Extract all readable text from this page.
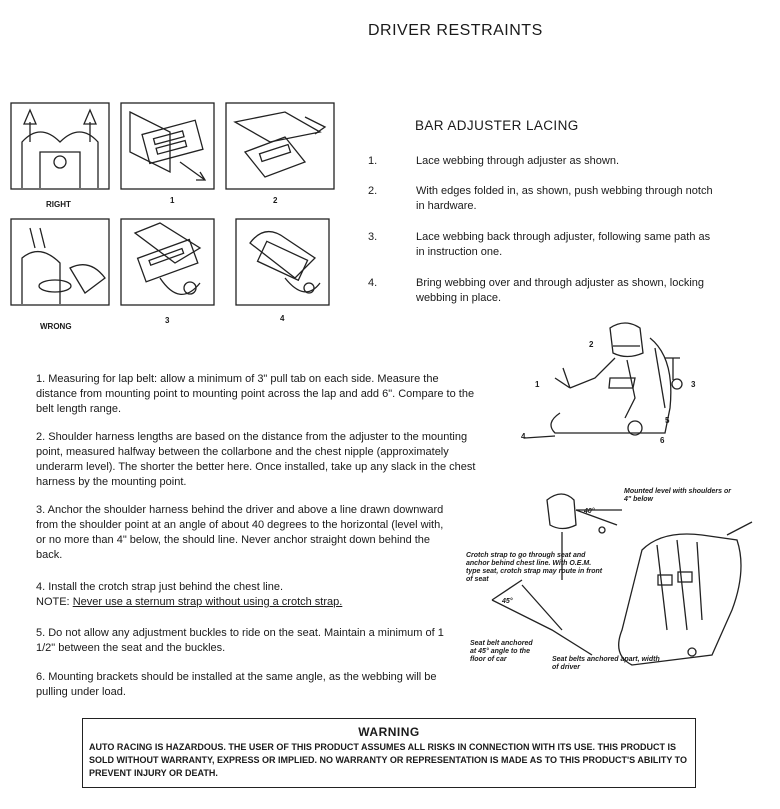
DRIVER RESTRAINTS
RIGHT	1	2
WRONG
3	4
BAR ADJUSTER LACING
1.	Lace webbing through adjuster as shown.
2.	With edges folded in, as shown, push webbing through notch in hardware.
3.	Lace webbing back through adjuster, following same path as in instruction one.
4.	Bring webbing over and through adjuster as shown, locking webbing in place.
2
1	3
5
6
4
Mounted level with shoulders or 4" below
Crotch strap to go through seat and anchor behind chest line. With O.E.M. type seat, crotch strap may route in front of seat
40°
45°
Seat belt anchored at 45° angle to the floor of car	Seat belts anchored apart, width of driver

1. Measuring for lap belt: allow a minimum of 3" pull tab on each side. Measure the distance from mounting point to mounting point across the lap and add 6". Compare to the belt length range.

2. Shoulder harness lengths are based on the distance from the adjuster to the mounting point, measured halfway between the collarbone and the chest nipple (approximately underarm level). The shorter the better here. Once installed, take up any slack in the chest harness by the mounting point.

3. Anchor the shoulder harness behind the driver and above a line drawn downward from the shoulder point at an angle of about 40 degrees to the horizontal (level with, or no more than 4" below, the should line. Never anchor straight down behind the back.

4. Install the crotch strap just behind the chest line.

NOTE: Never use a sternum strap without using a crotch strap.

5. Do not allow any adjustment buckles to ride on the seat. Maintain a minimum of 1 1/2" between the seat and the buckles.

6. Mounting brackets should be installed at the same angle, as the webbing will be pulling under load.

WARNING
AUTO RACING IS HAZARDOUS. THE USER OF THIS PRODUCT ASSUMES ALL RISKS IN CONNECTION WITH ITS USE. THIS PRODUCT IS SOLD WITHOUT WARRANTY, EXPRESS OR IMPLIED. NO WARRANTY OR REPRESENTATION IS MADE AS TO THIS PRODUCT'S ABILITY TO PREVENT INJURY OR DEATH.
